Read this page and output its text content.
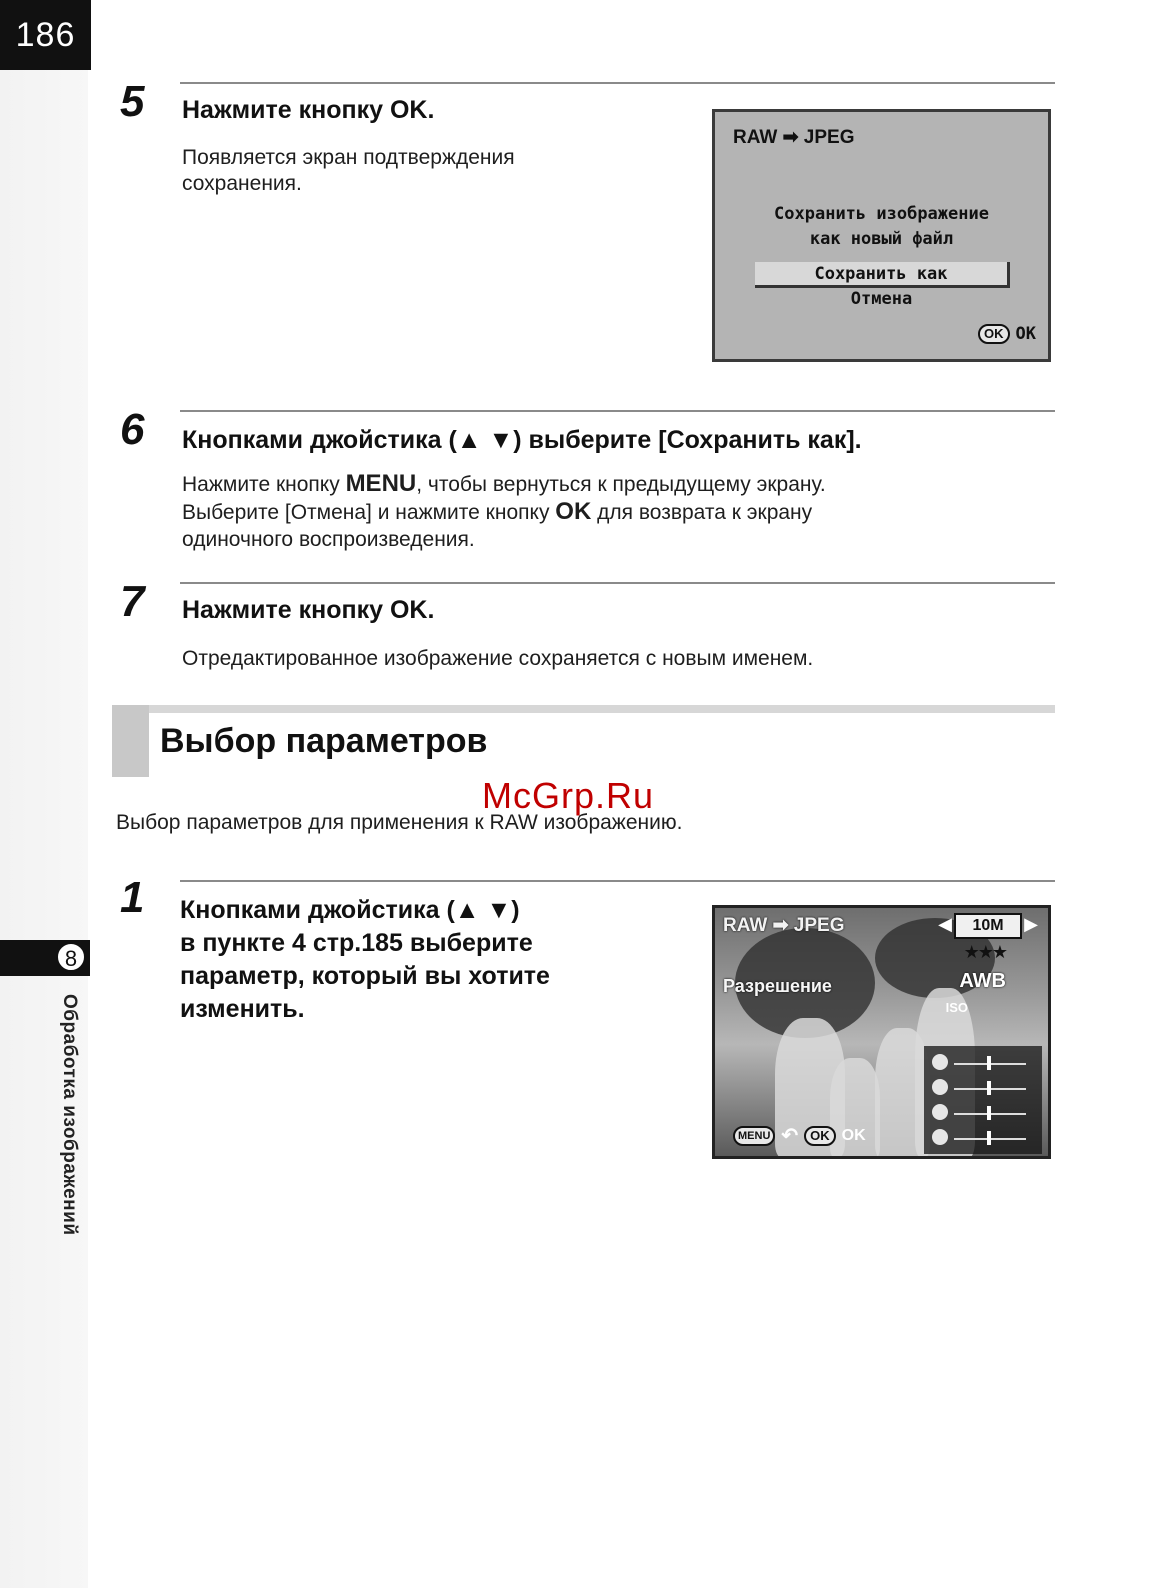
186
8
Обработка изображений
5 Нажмите кнопку OK.
Появляется экран подтверждения
сохранения.
RAW ➡ JPEG
Сохранить изображение
как новый файл
Сохранить как
Отмена
OK OK
6 Кнопками джойстика (▲ ▼) выберите [Сохранить как].
Нажмите кнопку MENU, чтобы вернуться к предыдущему экрану.
Выберите [Отмена] и нажмите кнопку OK для возврата к экрану
одиночного воспроизведения.
7 Нажмите кнопку OK.
Отредактированное изображение сохраняется с новым именем.
Выбор параметров
McGrp.Ru
Выбор параметров для применения к RAW изображению.
1 Кнопками джойстика (▲ ▼)
в пункте 4 стр.185 выберите
параметр, который вы хотите
изменить.
RAW ➡ JPEG	◀	10M	▶
★★★
Разрешение	AWB
ISO
MENU ↶ OK OK
